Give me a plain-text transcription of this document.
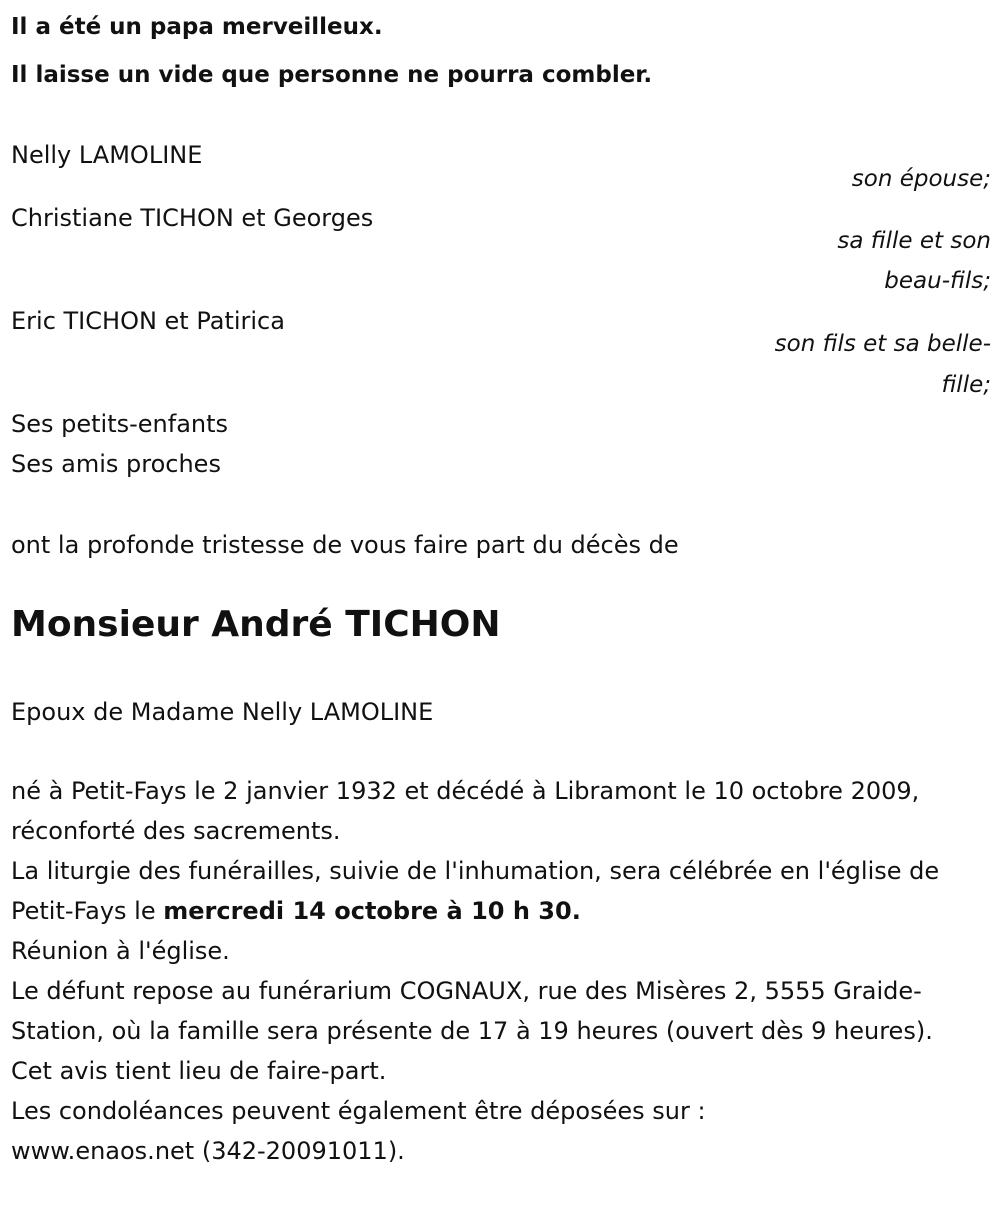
Il a été un papa merveilleux.
Il laisse un vide que personne ne pourra combler.
Nelly LAMOLINE
son épouse;
Christiane TICHON et Georges
sa fille et son
beau-fils;
Eric TICHON et Patirica
son fils et sa belle-
fille;
Ses petits-enfants
Ses amis proches
ont la profonde tristesse de vous faire part du décès de
Monsieur André TICHON
Epoux de Madame Nelly LAMOLINE
né à Petit-Fays le 2 janvier 1932 et décédé à Libramont le 10 octobre 2009, réconforté des sacrements.
La liturgie des funérailles, suivie de l'inhumation, sera célébrée en l'église de Petit-Fays le mercredi 14 octobre à 10 h 30.
Réunion à l'église.
Le défunt repose au funérarium COGNAUX, rue des Misères 2, 5555 Graide-Station, où la famille sera présente de 17 à 19 heures (ouvert dès 9 heures).
Cet avis tient lieu de faire-part.
Les condoléances peuvent également être déposées sur :
www.enaos.net (342-20091011).
